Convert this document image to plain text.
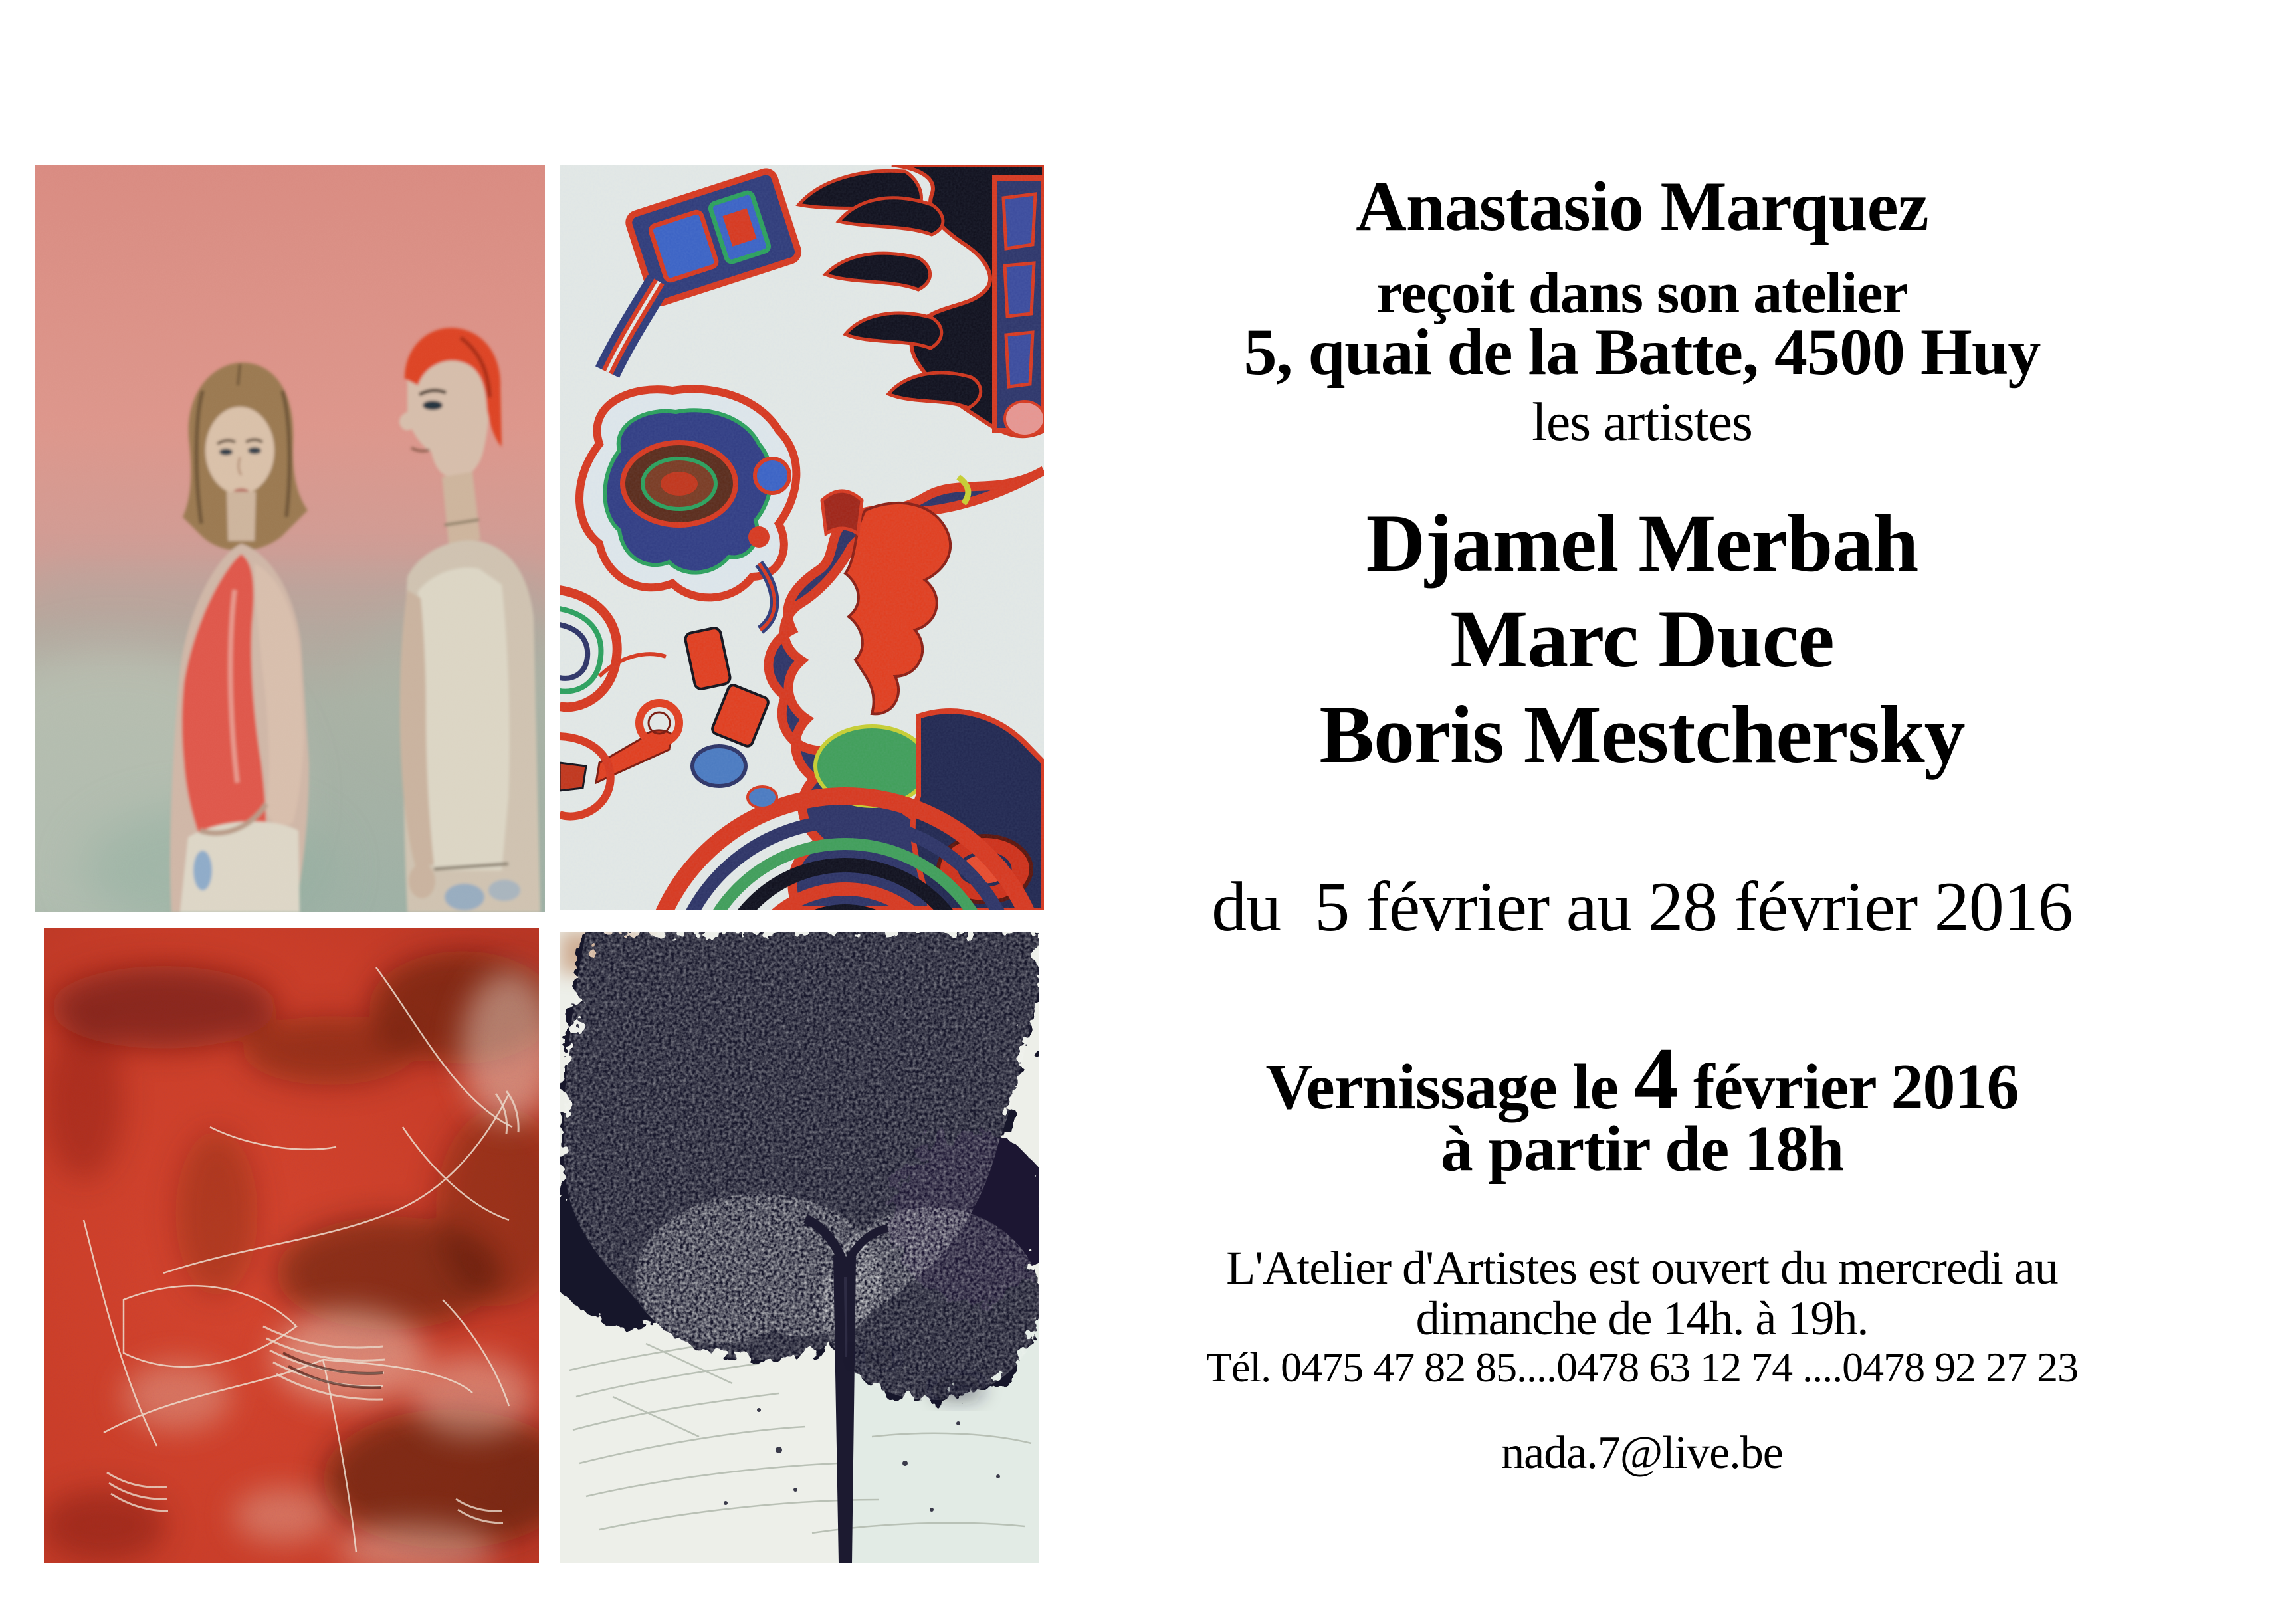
Anastasio Marquez
reçoit dans son atelier
5, quai de la Batte, 4500 Huy
les artistes
Djamel Merbah
Marc Duce
Boris Mestchersky
du  5 février au 28 février 2016
Vernissage le 4 février 2016
à partir de 18h
L'Atelier d'Artistes est ouvert du mercredi au
dimanche de 14h. à 19h.
Tél. 0475 47 82 85....0478 63 12 74 ....0478 92 27 23
nada.7@live.be
